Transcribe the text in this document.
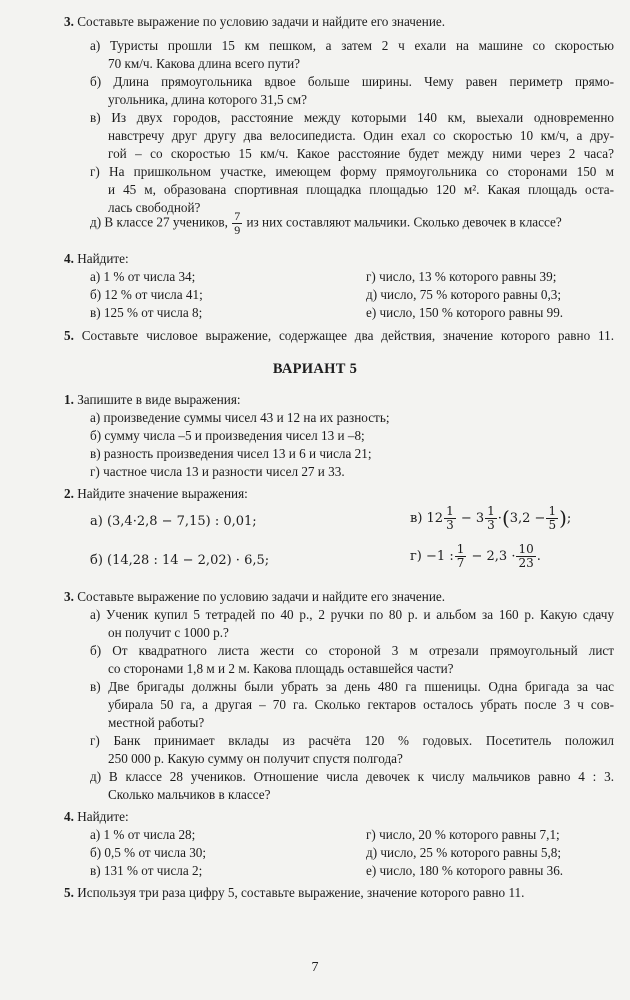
3. Составьте выражение по условию задачи и найдите его значение.
а) Туристы прошли 15 км пешком, а затем 2 ч ехали на машине со скоростью
70 км/ч. Какова длина всего пути?
б) Длина прямоугольника вдвое больше ширины. Чему равен периметр прямо-
угольника, длина которого 31,5 см?
в) Из двух городов, расстояние между которыми 140 км, выехали одновременно
навстречу друг другу два велосипедиста. Один ехал со скоростью 10 км/ч, а дру-
гой – со скоростью 15 км/ч. Какое расстояние будет между ними через 2 часа?
г) На пришкольном участке, имеющем форму прямоугольника со сторонами 150 м
и 45 м, образована спортивная площадка площадью 120 м². Какая площадь оста-
лась свободной?
д) В классе 27 учеников, $\frac{7}{9}$ из них составляют мальчики. Сколько девочек в классе?
4. Найдите:
а) 1 % от числа 34;
б) 12 % от числа 41;
в) 125 % от числа 8;
г) число, 13 % которого равны 39;
д) число, 75 % которого равны 0,3;
е) число, 150 % которого равны 99.
5. Составьте числовое выражение, содержащее два действия, значение которого равно 11.
ВАРИАНТ 5
1. Запишите в виде выражения:
а) произведение суммы чисел 43 и 12 на их разность;
б) сумму числа –5 и произведения чисел 13 и –8;
в) разность произведения чисел 13 и 6 и числа 21;
г) частное числа 13 и разности чисел 27 и 33.
2. Найдите значение выражения:
а) (3,4·2,8 − 7,15) : 0,01;
б) (14,28 : 14 − 2,02) · 6,5;
в) $12 \frac{1}{3} - 3 \frac{1}{3} \cdot(3,2 - \frac{1}{5}$ );
г) −1 : $\frac{1}{7} - 2,3 \cdot \frac{10}{23}$ .
3. Составьте выражение по условию задачи и найдите его значение.
а) Ученик купил 5 тетрадей по 40 р., 2 ручки по 80 р. и альбом за 160 р. Какую сдачу
он получит с 1000 р.?
б) От квадратного листа жести со стороной 3 м отрезали прямоугольный лист
со сторонами 1,8 м и 2 м. Какова площадь оставшейся части?
в) Две бригады должны были убрать за день 480 га пшеницы. Одна бригада за час
убирала 50 га, а другая – 70 га. Сколько гектаров осталось убрать после 3 ч сов-
местной работы?
г) Банк принимает вклады из расчёта 120 % годовых. Посетитель положил
250 000 р. Какую сумму он получит спустя полгода?
д) В классе 28 учеников. Отношение числа девочек к числу мальчиков равно 4 : 3.
Сколько мальчиков в классе?
4. Найдите:
а) 1 % от числа 28;
б) 0,5 % от числа 30;
в) 131 % от числа 2;
г) число, 20 % которого равны 7,1;
д) число, 25 % которого равны 5,8;
е) число, 180 % которого равны 36.
5. Используя три раза цифру 5, составьте выражение, значение которого равно 11.
7
